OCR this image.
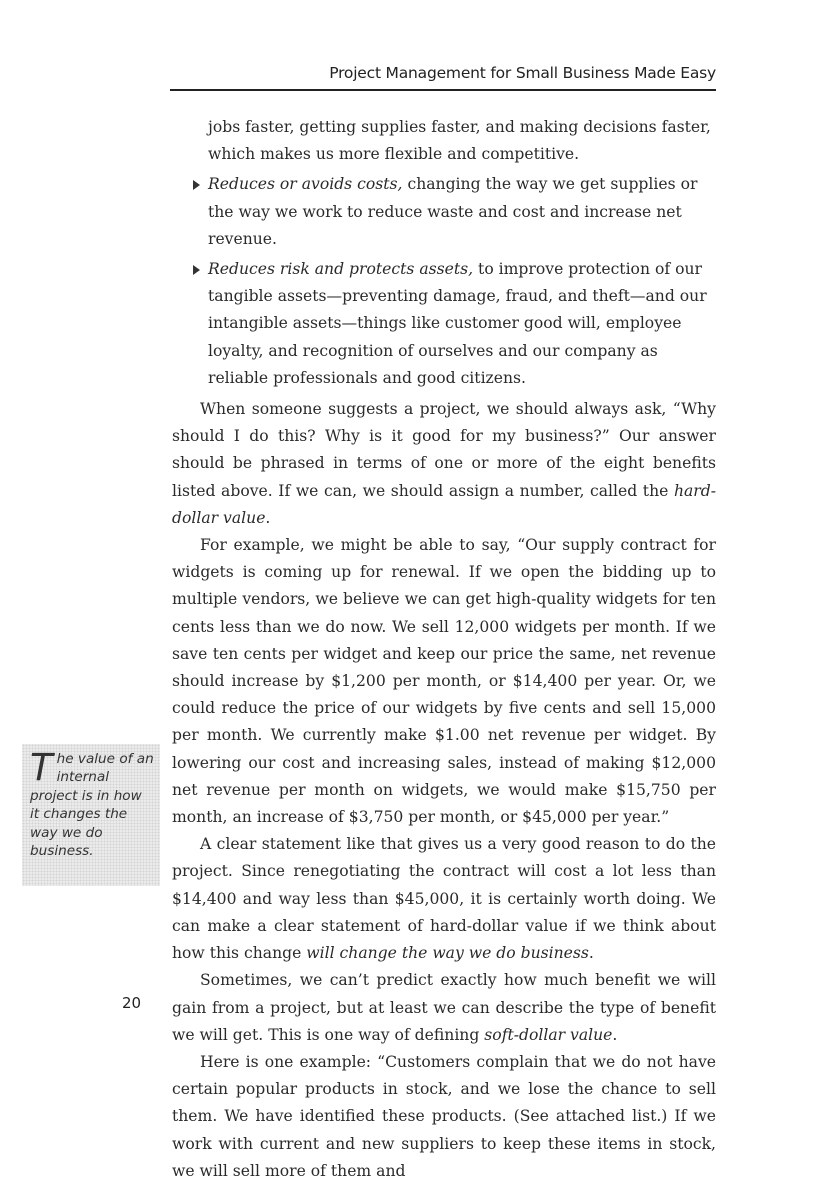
Project Management for Small Business Made Easy

jobs faster, getting supplies faster, and making decisions faster, which makes us more flexible and competitive.

Reduces or avoids costs, changing the way we get supplies or the way we work to reduce waste and cost and increase net revenue.

Reduces risk and protects assets, to improve protection of our tangible assets—preventing damage, fraud, and theft—and our intangible assets—things like customer good will, employee loyalty, and recognition of ourselves and our company as reliable professionals and good citizens.

When someone suggests a project, we should always ask, “Why should I do this? Why is it good for my business?” Our answer should be phrased in terms of one or more of the eight benefits listed above. If we can, we should assign a number, called the hard-dollar value.

For example, we might be able to say, “Our supply contract for widgets is coming up for renewal. If we open the bidding up to multiple vendors, we believe we can get high-quality widgets for ten cents less than we do now. We sell 12,000 widgets per month. If we save ten cents per widget and keep our price the same, net revenue should increase by $1,200 per month, or $14,400 per year. Or, we could reduce the price of our widgets by five cents and sell 15,000 per month. We currently make $1.00 net revenue per widget. By lowering our cost and increasing sales, instead of making $12,000 net revenue per month on widgets, we would make $15,750 per month, an increase of $3,750 per month, or $45,000 per year.”

A clear statement like that gives us a very good reason to do the project. Since renegotiating the contract will cost a lot less than $14,400 and way less than $45,000, it is certainly worth doing. We can make a clear statement of hard-dollar value if we think about how this change will change the way we do business.

Sometimes, we can’t predict exactly how much benefit we will gain from a project, but at least we can describe the type of benefit we will get. This is one way of defining soft-dollar value.

Here is one example: “Customers complain that we do not have certain popular products in stock, and we lose the chance to sell them. We have identified these products. (See attached list.) If we work with current and new suppliers to keep these items in stock, we will sell more of them and

The value of an internal project is in how it changes the way we do business.
20
